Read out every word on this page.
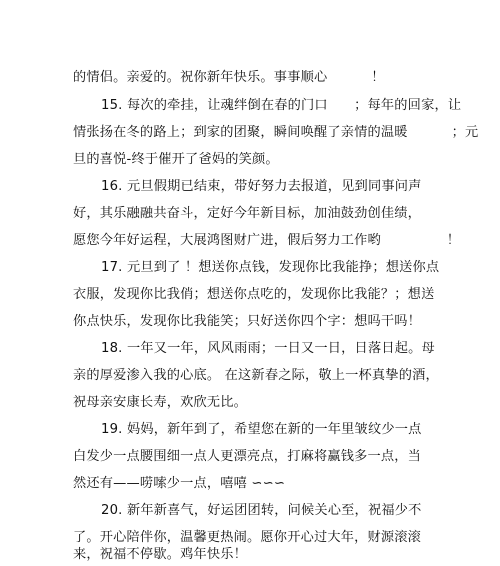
的情侣。亲爱的。祝你新年快乐。事事顺心          ！
15. 每次的牵挂，让魂绊倒在春的门口      ；每年的回家，让
情张扬在冬的路上；到家的团聚，瞬间唤醒了亲情的温暖          ；元
旦的喜悦-终于催开了爸妈的笑颜。
16. 元旦假期已结束，带好努力去报道，见到同事问声
好，其乐融融共奋斗，定好今年新目标，加油鼓劲创佳绩，
愿您今年好运程，大展鸿图财广进，假后努力工作哟               ！
17. 元旦到了 ！想送你点钱，发现你比我能挣；想送你点
衣服，发现你比我俏；想送你点吃的，发现你比我能？；想送
你点快乐，发现你比我能笑；只好送你四个字：想吗干吗！
18. 一年又一年，风风雨雨；一日又一日，日落日起。母
亲的厚爱渗入我的心底。 在这新春之际，敬上一杯真挚的酒，
祝母亲安康长寿，欢欣无比。
19. 妈妈，新年到了，希望您在新的一年里皱纹少一点
白发少一点腰围细一点人更漂亮点，打麻将赢钱多一点，当
然还有——唠嗦少一点，嘻嘻 ∽∽∽
20. 新年新喜气，好运团团转，问候关心至，祝福少不
了。开心陪伴你，温馨更热闹。愿你开心过大年，财源滚滚
来，祝福不停歇。鸡年快乐！
